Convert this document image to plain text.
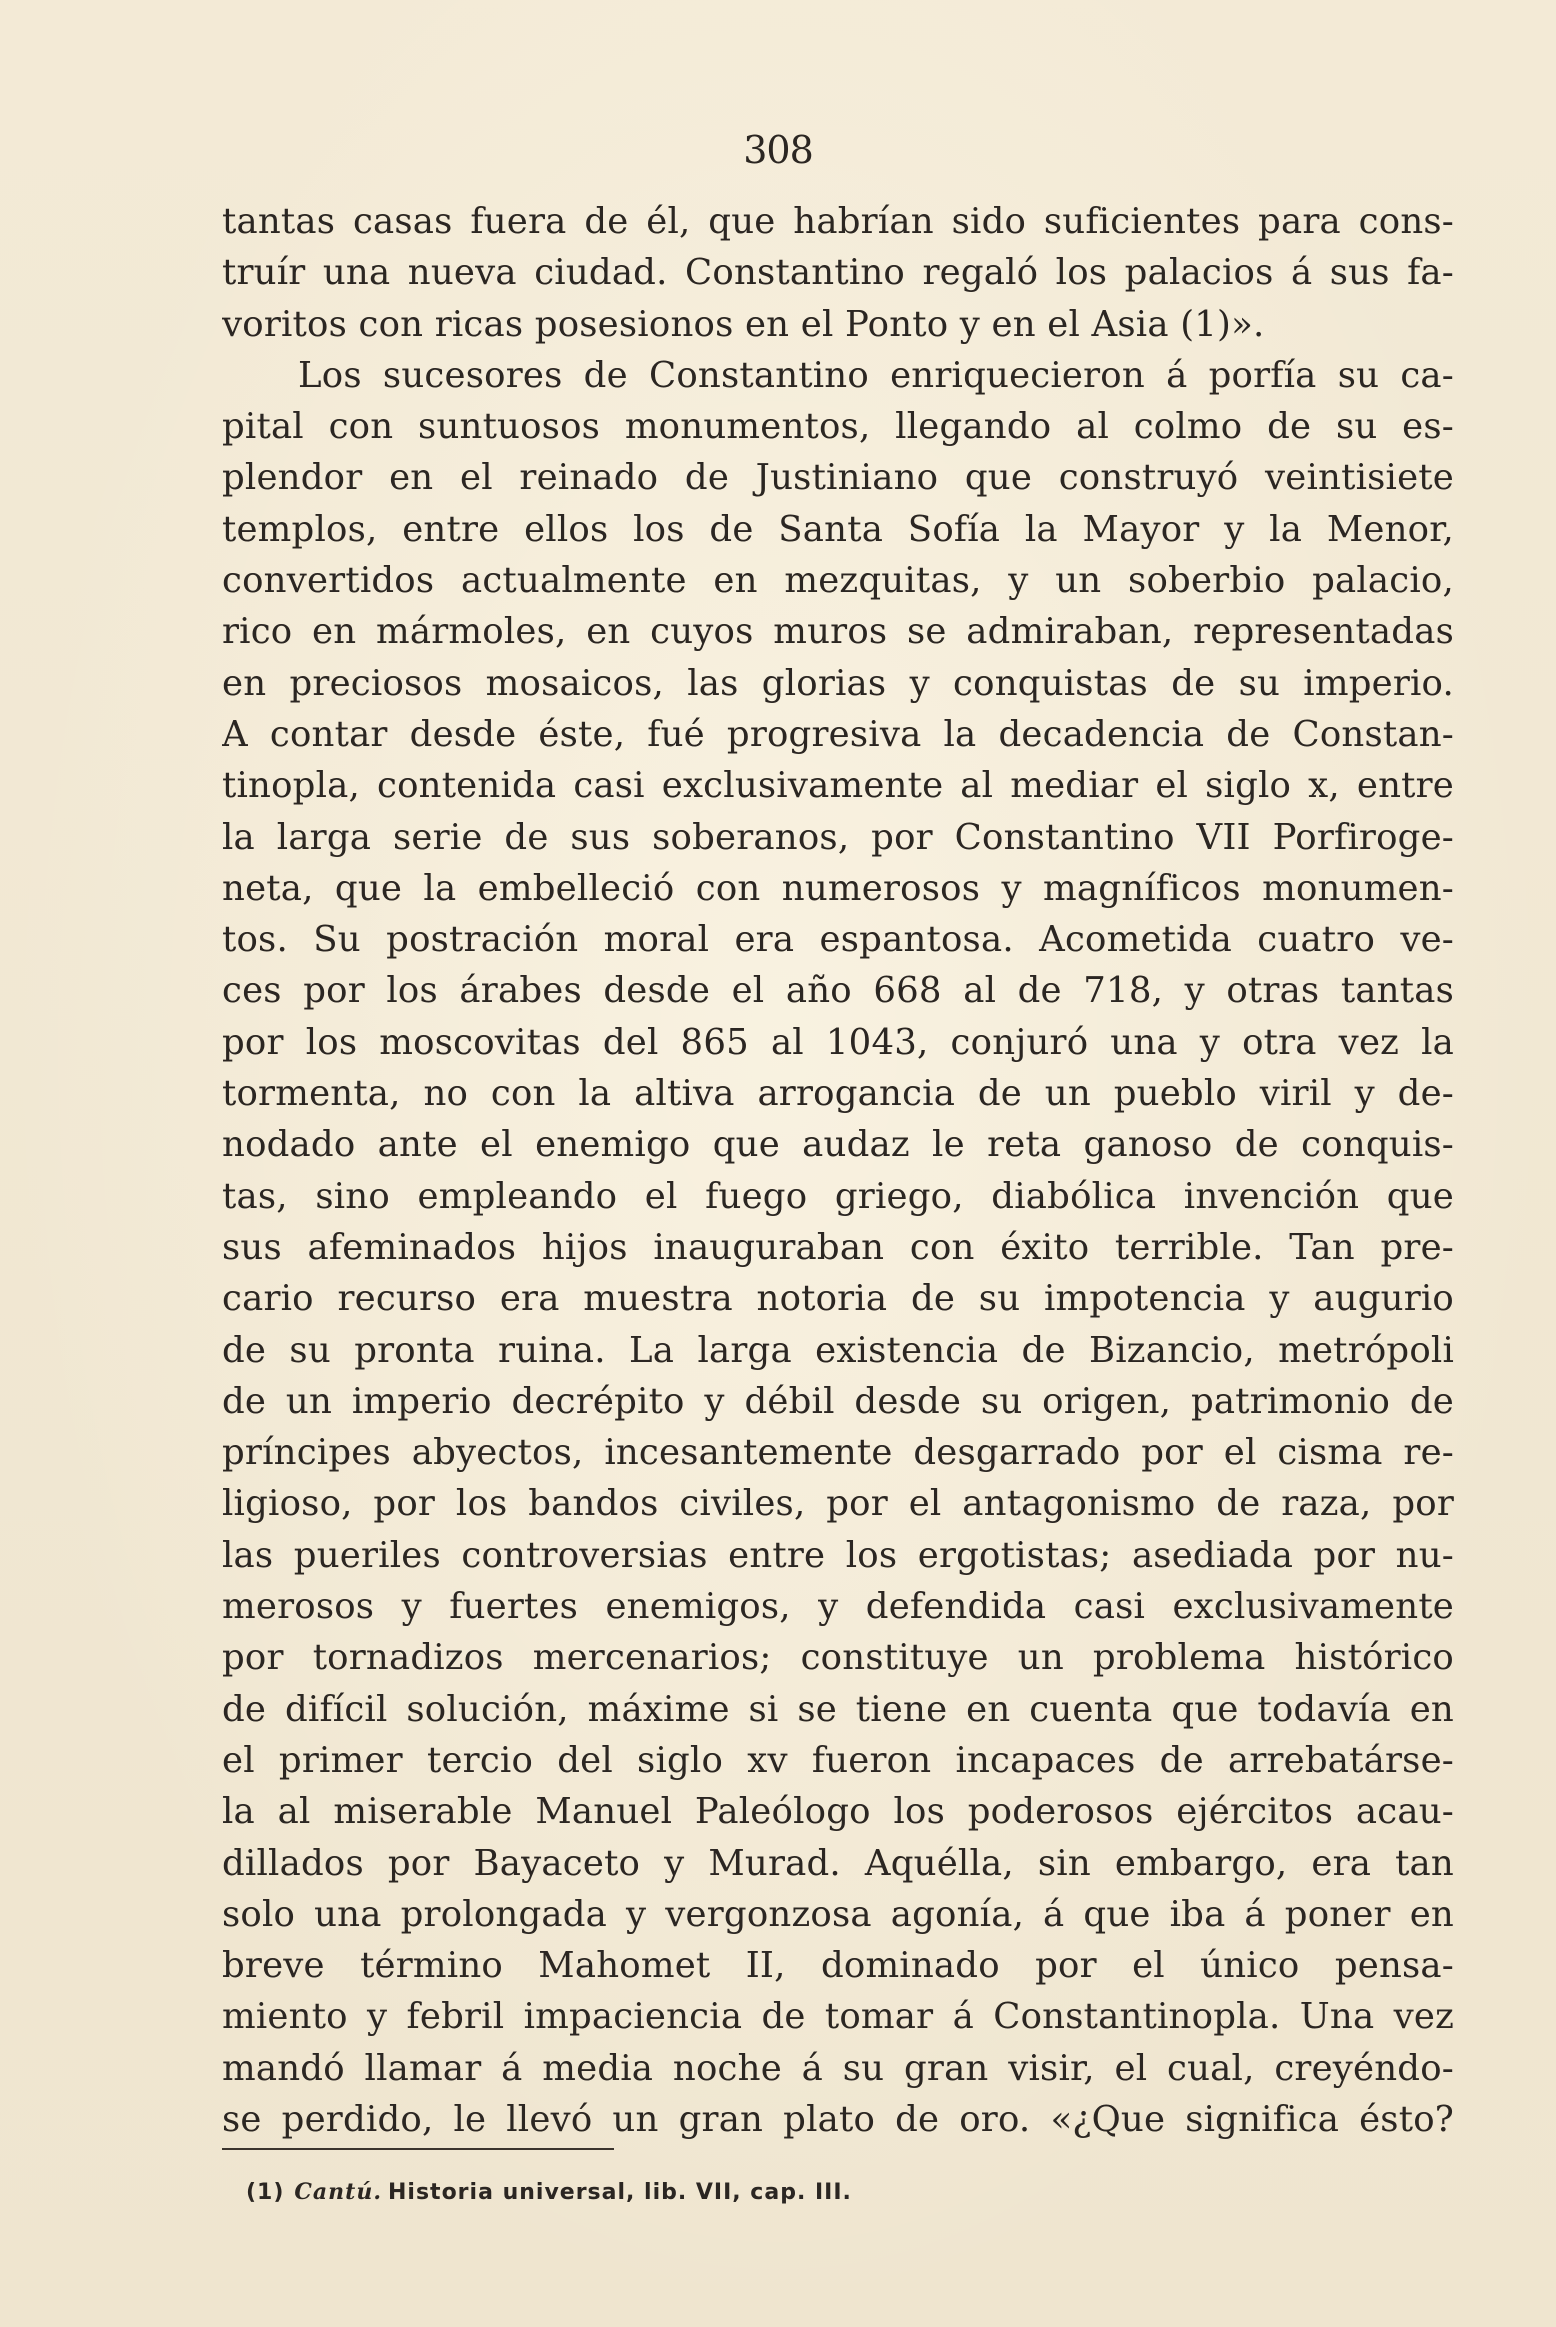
308
tantas casas fuera de él, que habrían sido suficientes para cons-
truír una nueva ciudad. Constantino regaló los palacios á sus fa-
voritos con ricas posesionos en el Ponto y en el Asia (1)».
Los sucesores de Constantino enriquecieron á porfía su ca-
pital con suntuosos monumentos, llegando al colmo de su es-
plendor en el reinado de Justiniano que construyó veintisiete
templos, entre ellos los de Santa Sofía la Mayor y la Menor,
convertidos actualmente en mezquitas, y un soberbio palacio,
rico en mármoles, en cuyos muros se admiraban, representadas
en preciosos mosaicos, las glorias y conquistas de su imperio.
A contar desde éste, fué progresiva la decadencia de Constan-
tinopla, contenida casi exclusivamente al mediar el siglo x, entre
la larga serie de sus soberanos, por Constantino VII Porfiroge-
neta, que la embelleció con numerosos y magníficos monumen-
tos. Su postración moral era espantosa. Acometida cuatro ve-
ces por los árabes desde el año 668 al de 718, y otras tantas
por los moscovitas del 865 al 1043, conjuró una y otra vez la
tormenta, no con la altiva arrogancia de un pueblo viril y de-
nodado ante el enemigo que audaz le reta ganoso de conquis-
tas, sino empleando el fuego griego, diabólica invención que
sus afeminados hijos inauguraban con éxito terrible. Tan pre-
cario recurso era muestra notoria de su impotencia y augurio
de su pronta ruina. La larga existencia de Bizancio, metrópoli
de un imperio decrépito y débil desde su origen, patrimonio de
príncipes abyectos, incesantemente desgarrado por el cisma re-
ligioso, por los bandos civiles, por el antagonismo de raza, por
las pueriles controversias entre los ergotistas; asediada por nu-
merosos y fuertes enemigos, y defendida casi exclusivamente
por tornadizos mercenarios; constituye un problema histórico
de difícil solución, máxime si se tiene en cuenta que todavía en
el primer tercio del siglo xv fueron incapaces de arrebatárse-
la al miserable Manuel Paleólogo los poderosos ejércitos acau-
dillados por Bayaceto y Murad. Aquélla, sin embargo, era tan
solo una prolongada y vergonzosa agonía, á que iba á poner en
breve término Mahomet II, dominado por el único pensa-
miento y febril impaciencia de tomar á Constantinopla. Una vez
mandó llamar á media noche á su gran visir, el cual, creyéndo-
se perdido, le llevó un gran plato de oro. «¿Que significa ésto?
(1) Cantú. Historia universal, lib. VII, cap. III.
